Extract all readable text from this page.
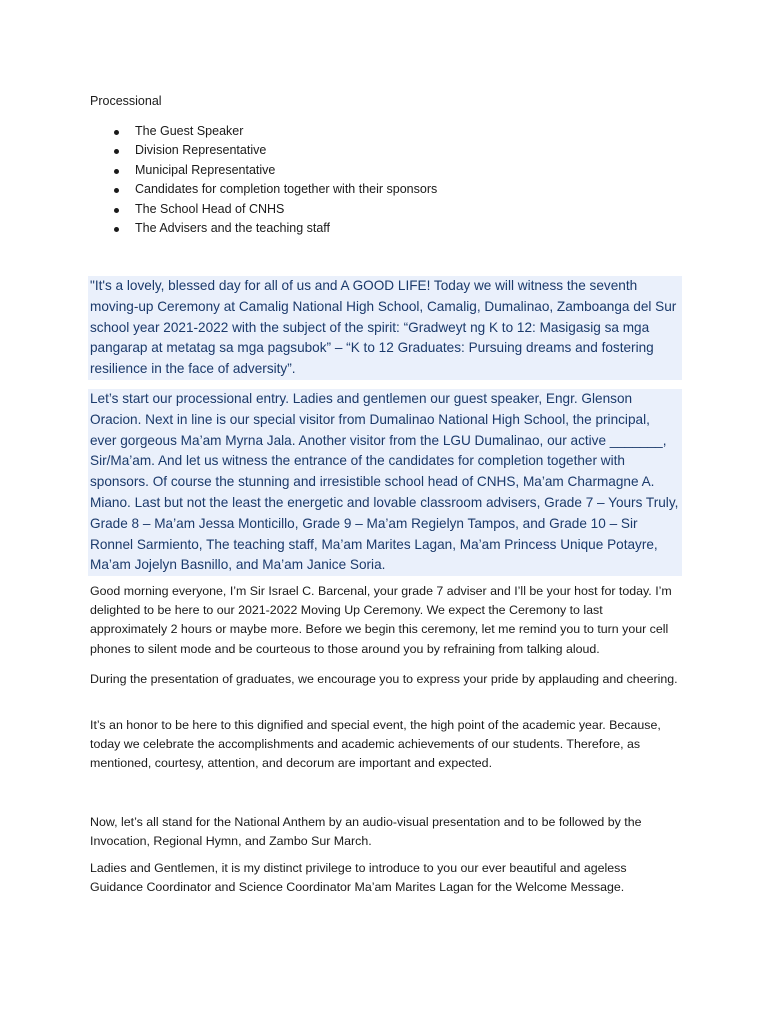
Processional

The Guest Speaker
Division Representative
Municipal Representative
Candidates for completion together with their sponsors
The School Head of CNHS
The Advisers and the teaching staff

"It's a lovely, blessed day for all of us and A GOOD LIFE! Today we will witness the seventh moving-up Ceremony at Camalig National High School, Camalig, Dumalinao, Zamboanga del Sur school year 2021-2022 with the subject of the spirit: “Gradweyt ng K to 12: Masigasig sa mga pangarap at metatag sa mga pagsubok” – “K to 12 Graduates: Pursuing dreams and fostering resilience in the face of adversity”.

Let’s start our processional entry. Ladies and gentlemen our guest speaker, Engr. Glenson Oracion. Next in line is our special visitor from Dumalinao National High School, the principal, ever gorgeous Ma’am Myrna Jala. Another visitor from the LGU Dumalinao, our active _______, Sir/Ma’am. And let us witness the entrance of the candidates for completion together with sponsors. Of course the stunning and irresistible school head of CNHS, Ma’am Charmagne A. Miano. Last but not the least the energetic and lovable classroom advisers, Grade 7 – Yours Truly, Grade 8 – Ma’am Jessa Monticillo, Grade 9 – Ma’am Regielyn Tampos, and Grade 10 – Sir Ronnel Sarmiento, The teaching staff, Ma’am Marites Lagan, Ma’am Princess Unique Potayre, Ma’am Jojelyn Basnillo, and Ma’am Janice Soria.

Good morning everyone, I’m Sir Israel C. Barcenal, your grade 7 adviser and I’ll be your host for today. I’m delighted to be here to our 2021-2022 Moving Up Ceremony. We expect the Ceremony to last approximately 2 hours or maybe more. Before we begin this ceremony, let me remind you to turn your cell phones to silent mode and be courteous to those around you by refraining from talking aloud.

During the presentation of graduates, we encourage you to express your pride by applauding and cheering.

It’s an honor to be here to this dignified and special event, the high point of the academic year. Because, today we celebrate the accomplishments and academic achievements of our students. Therefore, as mentioned, courtesy, attention, and decorum are important and expected.

Now, let’s all stand for the National Anthem by an audio-visual presentation and to be followed by the Invocation, Regional Hymn, and Zambo Sur March.

Ladies and Gentlemen, it is my distinct privilege to introduce to you our ever beautiful and ageless Guidance Coordinator and Science Coordinator Ma’am Marites Lagan for the Welcome Message.
